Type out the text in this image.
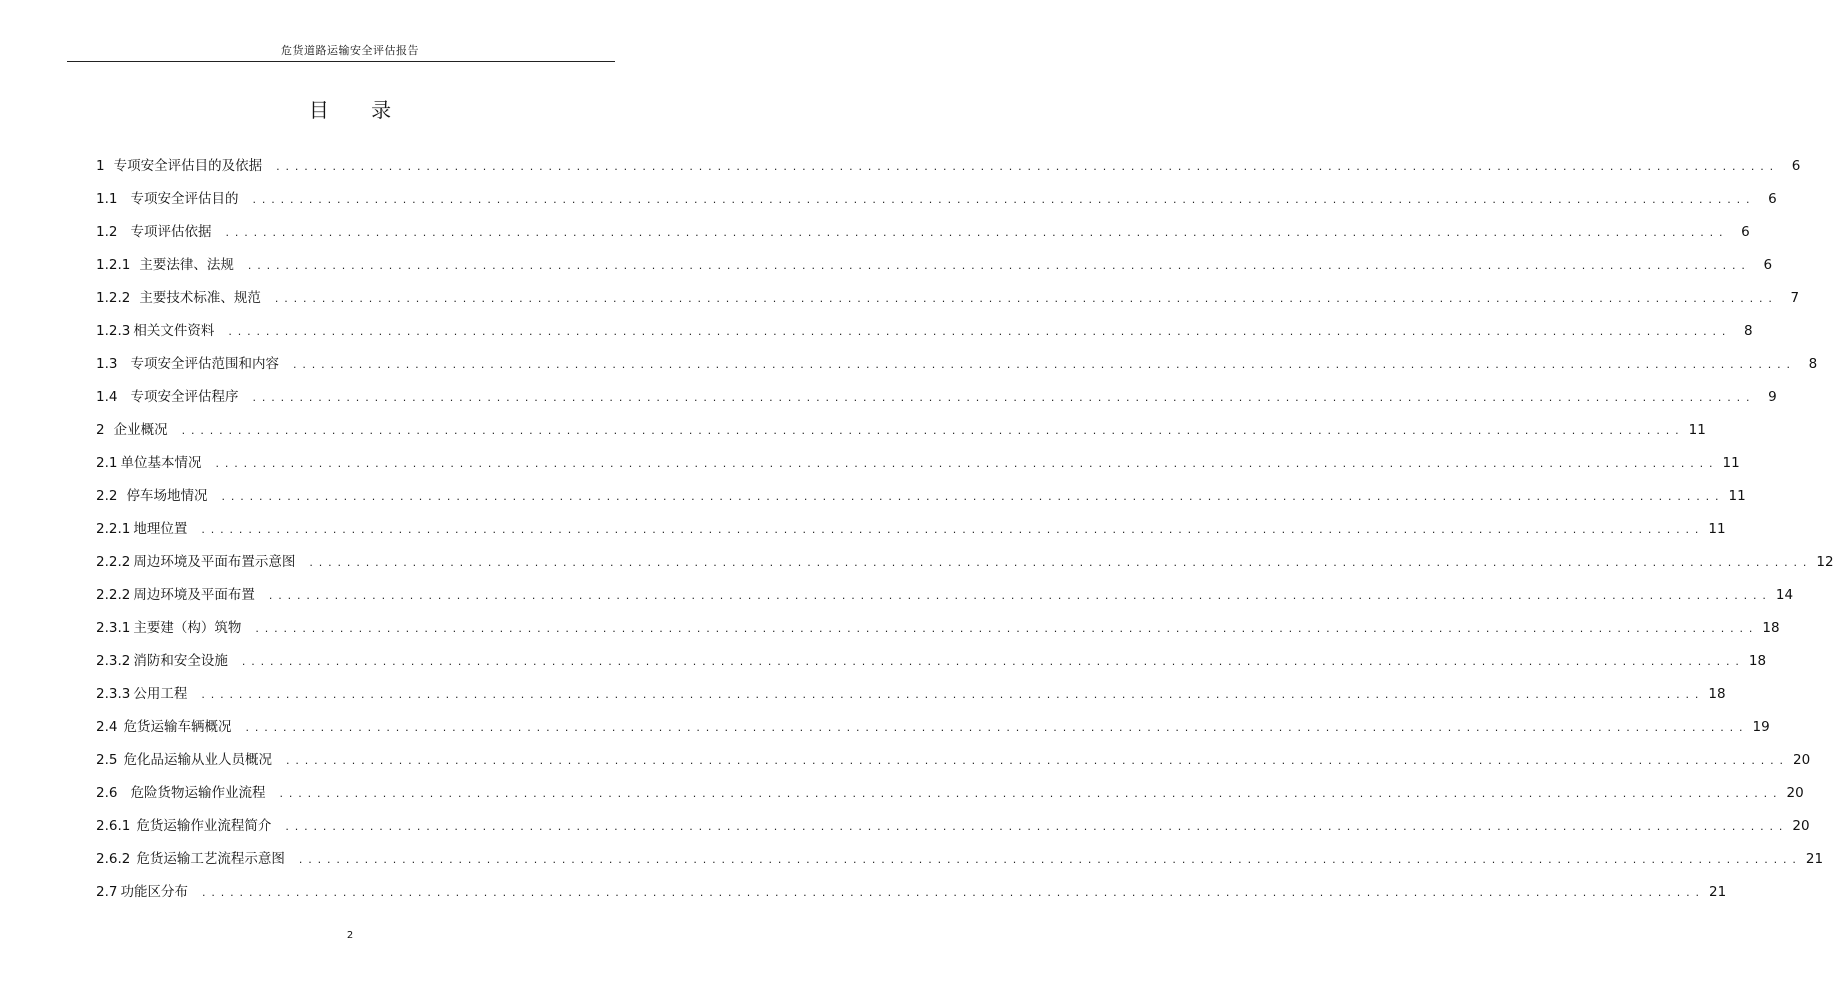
危货道路运输安全评估报告
目 录
1 专项安全评估目的及依据 . . . . . . . . . . . . . . . . . . . . . . . . . . . . . . . . . . . . . . . . . . . . . . . . . . . . . . . . . . . . . . . . . . . . . . . . . . . . . . . . . . . . . . . . . . . . . . . . . . . . . . . . . . . . . . . . . . . . . . . . . . . . . . . . . . . . . . . . . . . . . . . . . . . . . . . . . . . . . . . .	6
1.1 专项安全评估目的 . . . . . . . . . . . . . . . . . . . . . . . . . . . . . . . . . . . . . . . . . . . . . . . . . . . . . . . . . . . . . . . . . . . . . . . . . . . . . . . . . . . . . . . . . . . . . . . . . . . . . . . . . . . . . . . . . . . . . . . . . . . . . . . . . . . . . . . . . . . . . . . . . . . . . . . . . . . . . . . .	6
1.2 专项评估依据 . . . . . . . . . . . . . . . . . . . . . . . . . . . . . . . . . . . . . . . . . . . . . . . . . . . . . . . . . . . . . . . . . . . . . . . . . . . . . . . . . . . . . . . . . . . . . . . . . . . . . . . . . . . . . . . . . . . . . . . . . . . . . . . . . . . . . . . . . . . . . . . . . . . . . . . . . . . . . . . .	6
1.2.1 主要法律、法规 . . . . . . . . . . . . . . . . . . . . . . . . . . . . . . . . . . . . . . . . . . . . . . . . . . . . . . . . . . . . . . . . . . . . . . . . . . . . . . . . . . . . . . . . . . . . . . . . . . . . . . . . . . . . . . . . . . . . . . . . . . . . . . . . . . . . . . . . . . . . . . . . . . . . . . . . . . . . . . . .	6
1.2.2 主要技术标准、规范 . . . . . . . . . . . . . . . . . . . . . . . . . . . . . . . . . . . . . . . . . . . . . . . . . . . . . . . . . . . . . . . . . . . . . . . . . . . . . . . . . . . . . . . . . . . . . . . . . . . . . . . . . . . . . . . . . . . . . . . . . . . . . . . . . . . . . . . . . . . . . . . . . . . . . . . . . . . . . . . .	7
1.2.3 相关文件资料 . . . . . . . . . . . . . . . . . . . . . . . . . . . . . . . . . . . . . . . . . . . . . . . . . . . . . . . . . . . . . . . . . . . . . . . . . . . . . . . . . . . . . . . . . . . . . . . . . . . . . . . . . . . . . . . . . . . . . . . . . . . . . . . . . . . . . . . . . . . . . . . . . . . . . . . . . . . . . . . .	8
1.3 专项安全评估范围和内容 . . . . . . . . . . . . . . . . . . . . . . . . . . . . . . . . . . . . . . . . . . . . . . . . . . . . . . . . . . . . . . . . . . . . . . . . . . . . . . . . . . . . . . . . . . . . . . . . . . . . . . . . . . . . . . . . . . . . . . . . . . . . . . . . . . . . . . . . . . . . . . . . . . . . . . . . . . . . . . . .	8
1.4 专项安全评估程序 . . . . . . . . . . . . . . . . . . . . . . . . . . . . . . . . . . . . . . . . . . . . . . . . . . . . . . . . . . . . . . . . . . . . . . . . . . . . . . . . . . . . . . . . . . . . . . . . . . . . . . . . . . . . . . . . . . . . . . . . . . . . . . . . . . . . . . . . . . . . . . . . . . . . . . . . . . . . . . . .	9
2 企业概况 . . . . . . . . . . . . . . . . . . . . . . . . . . . . . . . . . . . . . . . . . . . . . . . . . . . . . . . . . . . . . . . . . . . . . . . . . . . . . . . . . . . . . . . . . . . . . . . . . . . . . . . . . . . . . . . . . . . . . . . . . . . . . . . . . . . . . . . . . . . . . . . . . . . . . . . . . . . . . . . . 11
2.1 单位基本情况 . . . . . . . . . . . . . . . . . . . . . . . . . . . . . . . . . . . . . . . . . . . . . . . . . . . . . . . . . . . . . . . . . . . . . . . . . . . . . . . . . . . . . . . . . . . . . . . . . . . . . . . . . . . . . . . . . . . . . . . . . . . . . . . . . . . . . . . . . . . . . . . . . . . . . . . . . . . . . . . . 11
2.2 停车场地情况 . . . . . . . . . . . . . . . . . . . . . . . . . . . . . . . . . . . . . . . . . . . . . . . . . . . . . . . . . . . . . . . . . . . . . . . . . . . . . . . . . . . . . . . . . . . . . . . . . . . . . . . . . . . . . . . . . . . . . . . . . . . . . . . . . . . . . . . . . . . . . . . . . . . . . . . . . . . . . . . . 11
2.2.1 地理位置 . . . . . . . . . . . . . . . . . . . . . . . . . . . . . . . . . . . . . . . . . . . . . . . . . . . . . . . . . . . . . . . . . . . . . . . . . . . . . . . . . . . . . . . . . . . . . . . . . . . . . . . . . . . . . . . . . . . . . . . . . . . . . . . . . . . . . . . . . . . . . . . . . . . . . . . . . . . . . . . . 11
2.2.2 周边环境及平面布置示意图 . . . . . . . . . . . . . . . . . . . . . . . . . . . . . . . . . . . . . . . . . . . . . . . . . . . . . . . . . . . . . . . . . . . . . . . . . . . . . . . . . . . . . . . . . . . . . . . . . . . . . . . . . . . . . . . . . . . . . . . . . . . . . . . . . . . . . . . . . . . . . . . . . . . . . . . . . . . . . . . . 12
2.2.2 周边环境及平面布置 . . . . . . . . . . . . . . . . . . . . . . . . . . . . . . . . . . . . . . . . . . . . . . . . . . . . . . . . . . . . . . . . . . . . . . . . . . . . . . . . . . . . . . . . . . . . . . . . . . . . . . . . . . . . . . . . . . . . . . . . . . . . . . . . . . . . . . . . . . . . . . . . . . . . . . . . . . . . . . . . 14
2.3.1 主要建（构）筑物 . . . . . . . . . . . . . . . . . . . . . . . . . . . . . . . . . . . . . . . . . . . . . . . . . . . . . . . . . . . . . . . . . . . . . . . . . . . . . . . . . . . . . . . . . . . . . . . . . . . . . . . . . . . . . . . . . . . . . . . . . . . . . . . . . . . . . . . . . . . . . . . . . . . . . . . . . . . . . . . . 18
2.3.2 消防和安全设施 . . . . . . . . . . . . . . . . . . . . . . . . . . . . . . . . . . . . . . . . . . . . . . . . . . . . . . . . . . . . . . . . . . . . . . . . . . . . . . . . . . . . . . . . . . . . . . . . . . . . . . . . . . . . . . . . . . . . . . . . . . . . . . . . . . . . . . . . . . . . . . . . . . . . . . . . . . . . . . . . 18
2.3.3 公用工程 . . . . . . . . . . . . . . . . . . . . . . . . . . . . . . . . . . . . . . . . . . . . . . . . . . . . . . . . . . . . . . . . . . . . . . . . . . . . . . . . . . . . . . . . . . . . . . . . . . . . . . . . . . . . . . . . . . . . . . . . . . . . . . . . . . . . . . . . . . . . . . . . . . . . . . . . . . . . . . . . 18
2.4 危货运输车辆概况 . . . . . . . . . . . . . . . . . . . . . . . . . . . . . . . . . . . . . . . . . . . . . . . . . . . . . . . . . . . . . . . . . . . . . . . . . . . . . . . . . . . . . . . . . . . . . . . . . . . . . . . . . . . . . . . . . . . . . . . . . . . . . . . . . . . . . . . . . . . . . . . . . . . . . . . . . . . . . . . . 19
2.5 危化品运输从业人员概况 . . . . . . . . . . . . . . . . . . . . . . . . . . . . . . . . . . . . . . . . . . . . . . . . . . . . . . . . . . . . . . . . . . . . . . . . . . . . . . . . . . . . . . . . . . . . . . . . . . . . . . . . . . . . . . . . . . . . . . . . . . . . . . . . . . . . . . . . . . . . . . . . . . . . . . . . . . . . . . . . 20
2.6 危险货物运输作业流程 . . . . . . . . . . . . . . . . . . . . . . . . . . . . . . . . . . . . . . . . . . . . . . . . . . . . . . . . . . . . . . . . . . . . . . . . . . . . . . . . . . . . . . . . . . . . . . . . . . . . . . . . . . . . . . . . . . . . . . . . . . . . . . . . . . . . . . . . . . . . . . . . . . . . . . . . . . . . . . . . 20
2.6.1 危货运输作业流程简介 . . . . . . . . . . . . . . . . . . . . . . . . . . . . . . . . . . . . . . . . . . . . . . . . . . . . . . . . . . . . . . . . . . . . . . . . . . . . . . . . . . . . . . . . . . . . . . . . . . . . . . . . . . . . . . . . . . . . . . . . . . . . . . . . . . . . . . . . . . . . . . . . . . . . . . . . . . . . . . . . 20
2.6.2 危货运输工艺流程示意图 . . . . . . . . . . . . . . . . . . . . . . . . . . . . . . . . . . . . . . . . . . . . . . . . . . . . . . . . . . . . . . . . . . . . . . . . . . . . . . . . . . . . . . . . . . . . . . . . . . . . . . . . . . . . . . . . . . . . . . . . . . . . . . . . . . . . . . . . . . . . . . . . . . . . . . . . . . . . . . . . 21
2.7 功能区分布 . . . . . . . . . . . . . . . . . . . . . . . . . . . . . . . . . . . . . . . . . . . . . . . . . . . . . . . . . . . . . . . . . . . . . . . . . . . . . . . . . . . . . . . . . . . . . . . . . . . . . . . . . . . . . . . . . . . . . . . . . . . . . . . . . . . . . . . . . . . . . . . . . . . . . . . . . . . . . . . . 21
2
